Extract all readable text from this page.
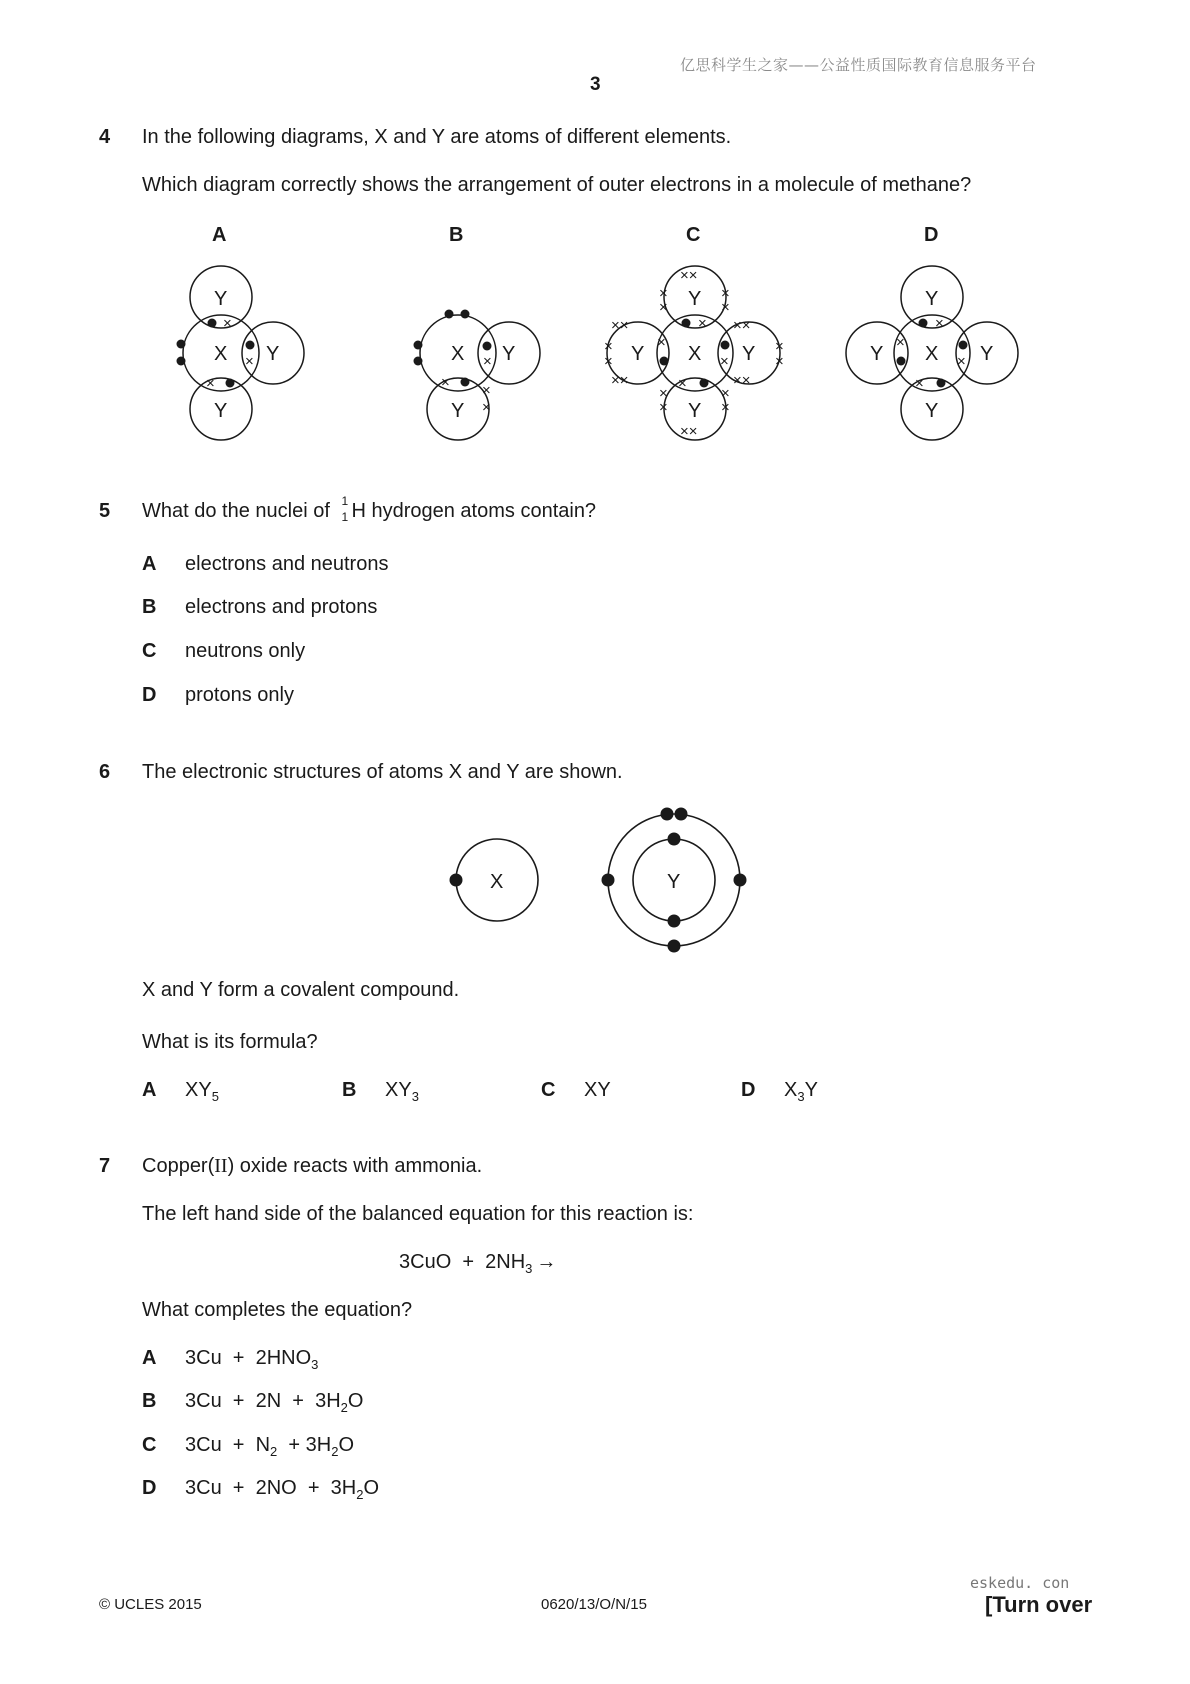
亿思科学生之家——公益性质国际教育信息服务平台
3
4 In the following diagrams, X and Y are atoms of different elements.
Which diagram correctly shows the arrangement of outer electrons in a molecule of methane?
A	B	C	D
X
Y
Y
Y	X Y
Y
X
Y
Y
Y	Y	X
Y
Y
Y	Y
×
×
×	×
× ×
×
×
×
×
×
××
××
××
××
××
××
×
×
×
×
×
×
×
×
×
×
×
×
×
×
×
×
5 What do the nuclei of 1
1 H hydrogen atoms contain?
A electrons and neutrons
B electrons and protons
C neutrons only
D protons only
6 The electronic structures of atoms X and Y are shown.
X	Y
X and Y form a covalent compound.
What is its formula?
A $XY_5$	B $XY_3$	C XY	D $X_3Y$
7 Copper(II) oxide reacts with ammonia.
The left hand side of the balanced equation for this reaction is:
$3CuO + 2NH_3$ →
What completes the equation?
A $3Cu + 2HNO_3$
B $3Cu + 2N + 3H_2O$
C $3Cu + N_2 + 3H_2O$
D $3Cu + 2NO + 3H_2O$
eskedu. con
© UCLES 2015	0620/13/O/N/15	[Turn over
